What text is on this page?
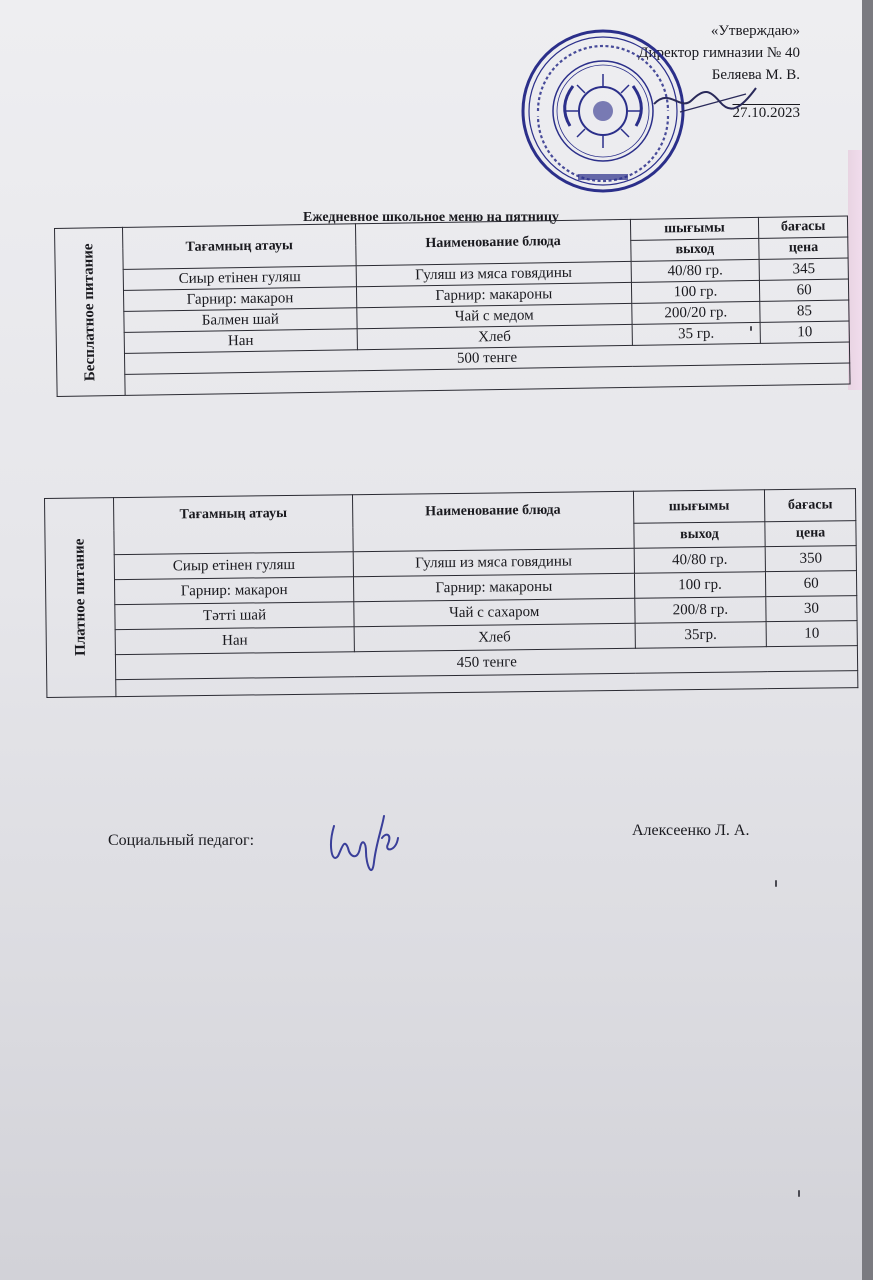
«Утверждаю»
Директор гимназии № 40
Беляева М. В.
27.10.2023
Ежедневное школьное меню на пятницу
Бесплатное питание	Тағамның атауы	Наименование блюда	шығымы	бағасы
			выход	цена
	Сиыр етінен гуляш	Гуляш из мяса говядины	40/80 гр.	345
	Гарнир: макарон	Гарнир: макароны	100 гр.	60
	Балмен шай	Чай с медом	200/20 гр.	85
	Нан	Хлеб	35 гр.	10
	500 тенге			

Платное питание	Тағамның атауы	Наименование блюда	шығымы	бағасы
			выход	цена
	Сиыр етінен гуляш	Гуляш из мяса говядины	40/80 гр.	350
	Гарнир: макарон	Гарнир: макароны	100 гр.	60
	Тәтті шай	Чай с сахаром	200/8 гр.	30
	Нан	Хлеб	35гр.	10
	450 тенге			

Социальный педагог:
Алексеенко Л. А.
